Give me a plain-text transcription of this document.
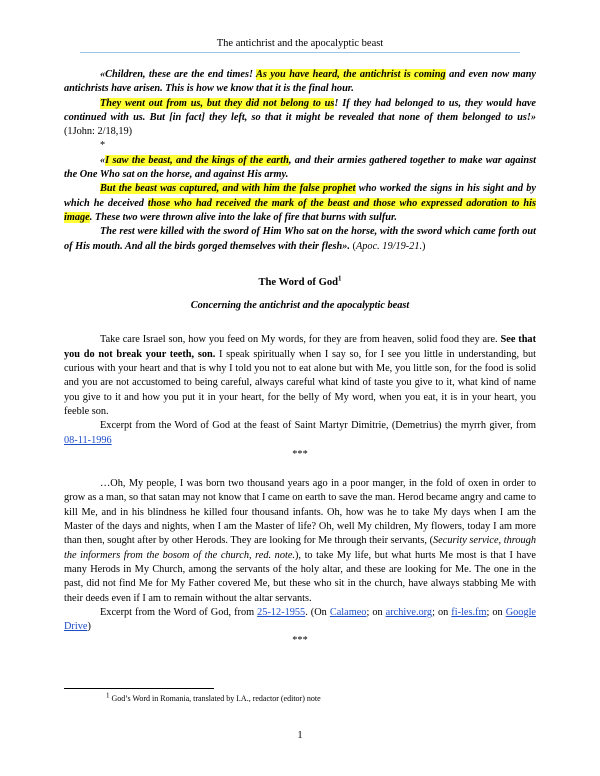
The antichrist and the apocalyptic beast

«Children, these are the end times! As you have heard, the antichrist is coming and even now many antichrists have arisen. This is how we know that it is the final hour.

They went out from us, but they did not belong to us! If they had belonged to us, they would have continued with us. But [in fact] they left, so that it might be revealed that none of them belonged to us!» (1John: 2/18,19)

*

«I saw the beast, and the kings of the earth, and their armies gathered together to make war against the One Who sat on the horse, and against His army.

But the beast was captured, and with him the false prophet who worked the signs in his sight and by which he deceived those who had received the mark of the beast and those who expressed adoration to his image. These two were thrown alive into the lake of fire that burns with sulfur.

The rest were killed with the sword of Him Who sat on the horse, with the sword which came forth out of His mouth. And all the birds gorged themselves with their flesh». (Apoc. 19/19-21.)

The Word of God$^1$

Concerning the antichrist and the apocalyptic beast

Take care Israel son, how you feed on My words, for they are from heaven, solid food they are. See that you do not break your teeth, son. I speak spiritually when I say so, for I see you little in understanding, but curious with your heart and that is why I told you not to eat alone but with Me, you little son, for the food is solid and you are not accustomed to being careful, always careful what kind of taste you give to it, what kind of name you give to it and how you put it in your heart, for the belly of My word, when you eat, it is in your heart, you feeble son.

Excerpt from the Word of God at the feast of Saint Martyr Dimitrie, (Demetrius) the myrrh giver, from 08-11-1996

***

…Oh, My people, I was born two thousand years ago in a poor manger, in the fold of oxen in order to grow as a man, so that satan may not know that I came on earth to save the man. Herod became angry and came to kill Me, and in his blindness he killed four thousand infants. Oh, how was he to take My days when I am the Master of the days and nights, when I am the Master of life? Oh, well My children, My flowers, today I am more than then, sought after by other Herods. They are looking for Me through their servants, (Security service, through the informers from the bosom of the church, red. note.), to take My life, but what hurts Me most is that I have many Herods in My Church, among the servants of the holy altar, and these are looking for Me. The one in the past, did not find Me for My Father covered Me, but these who sit in the church, have always stabbing Me with their deeds even if I am to remain without the altar servants.

Excerpt from the Word of God, from 25-12-1955. (On Calameo; on archive.org; on fi-les.fm; on Google Drive)

***

$^1$ God’s Word in Romania, translated by I.A., redactor (editor) note
1
